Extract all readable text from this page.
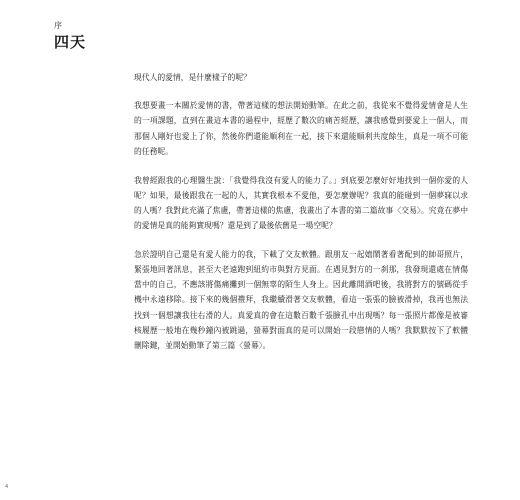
序
四天

現代人的愛情，是什麼樣子的呢？

我想要畫一本關於愛情的書，帶著這樣的想法開始動筆。在此之前，我從來不覺得愛情會是人生的一項課題，直到在畫這本書的過程中，經歷了數次的痛苦經歷，讓我感覺到要愛上一個人，而那個人剛好也愛上了你，然後你們還能順利在一起，接下來還能順利共度餘生，真是一項不可能的任務呢。

我曾經跟我的心理醫生說：「我覺得我沒有愛人的能力了。」到底要怎麼好好地找到一個你愛的人呢？如果，最後跟我在一起的人，其實我根本不愛他，要怎麼辦呢？我真的能碰到一個夢寐以求的人嗎？我對此充滿了焦慮，帶著這樣的焦慮，我畫出了本書的第二篇故事〈交易〉。究竟在夢中的愛情是真的能夠實現嗎？還是到了最後依舊是一場空呢？

急於證明自己還是有愛人能力的我，下載了交友軟體。跟朋友一起嬉鬧著看著配到的帥哥照片，緊張地回著訊息，甚至大老遠跑到紐約市與對方見面。在遇見對方的一刹那，我發現還處在情傷當中的自己，不應該將傷痛攤到一個無辜的陌生人身上。因此離開酒吧後，我將對方的號碼從手機中永遠移除。接下來的幾個禮拜，我繼續滑著交友軟體，看這一張張的臉被滑掉，我再也無法找到一個想讓我往右滑的人。真愛真的會在這數百數千張臉孔中出現嗎？每一張照片都像是被審核履歷一般地在幾秒鐘內被跳過，螢幕對面真的是可以開始一段戀情的人嗎？我默默按下了軟體刪除鍵，並開始動筆了第三篇〈螢幕〉。

4
